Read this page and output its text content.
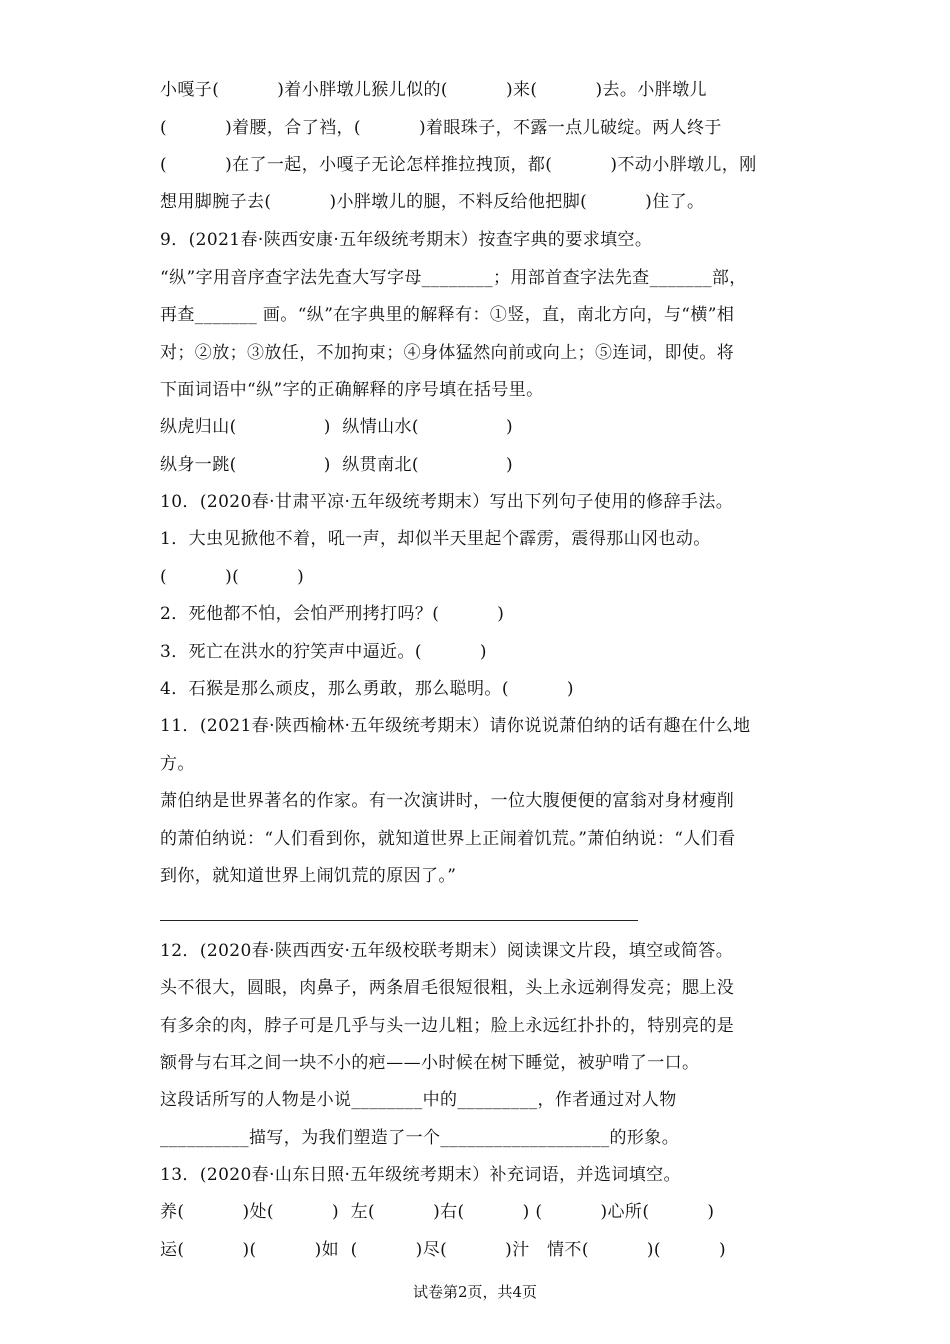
小嘎子(          )着小胖墩儿猴儿似的(          )来(          )去。小胖墩儿
(          )着腰，合了裆，(          )着眼珠子，不露一点儿破绽。两人终于
(          )在了一起，小嘎子无论怎样推拉拽顶，都(          )不动小胖墩儿，刚
想用脚腕子去(          )小胖墩儿的腿，不料反给他把脚(          )住了。
9．(2021春·陕西安康·五年级统考期末）按查字典的要求填空。
“纵”字用音序查字法先查大写字母________；用部首查字法先查_______部，
再查_______ 画。“纵”在字典里的解释有：①竖，直，南北方向，与“横”相
对；②放；③放任，不加拘束；④身体猛然向前或向上；⑤连词，即使。将
下面词语中“纵”字的正确解释的序号填在括号里。
纵虎归山(               )  纵情山水(               )
纵身一跳(               )  纵贯南北(               )
10．(2020春·甘肃平凉·五年级统考期末）写出下列句子使用的修辞手法。
1．大虫见掀他不着，吼一声，却似半天里起个霹雳，震得那山冈也动。
(          )(          )
2．死他都不怕，会怕严刑拷打吗？(          )
3．死亡在洪水的狞笑声中逼近。(          )
4．石猴是那么顽皮，那么勇敢，那么聪明。(          )
11．(2021春·陕西榆林·五年级统考期末）请你说说萧伯纳的话有趣在什么地
方。
萧伯纳是世界著名的作家。有一次演讲时，一位大腹便便的富翁对身材瘦削
的萧伯纳说：“人们看到你，就知道世界上正闹着饥荒。”萧伯纳说：“人们看
到你，就知道世界上闹饥荒的原因了。”
12．(2020春·陕西西安·五年级校联考期末）阅读课文片段，填空或简答。
头不很大，圆眼，肉鼻子，两条眉毛很短很粗，头上永远剃得发亮；腮上没
有多余的肉，脖子可是几乎与头一边儿粗；脸上永远红扑扑的，特别亮的是
额骨与右耳之间一块不小的疤——小时候在树下睡觉，被驴啃了一口。
这段话所写的人物是小说________中的_________，作者通过对人物
__________描写，为我们塑造了一个___________________的形象。
13．(2020春·山东日照·五年级统考期末）补充词语，并选词填空。
养(          )处(          )  左(          )右(          ) (          )心所(          )
运(          )(          )如  (          )尽(          )汁   情不(          )(          )
试卷第2页，共4页
